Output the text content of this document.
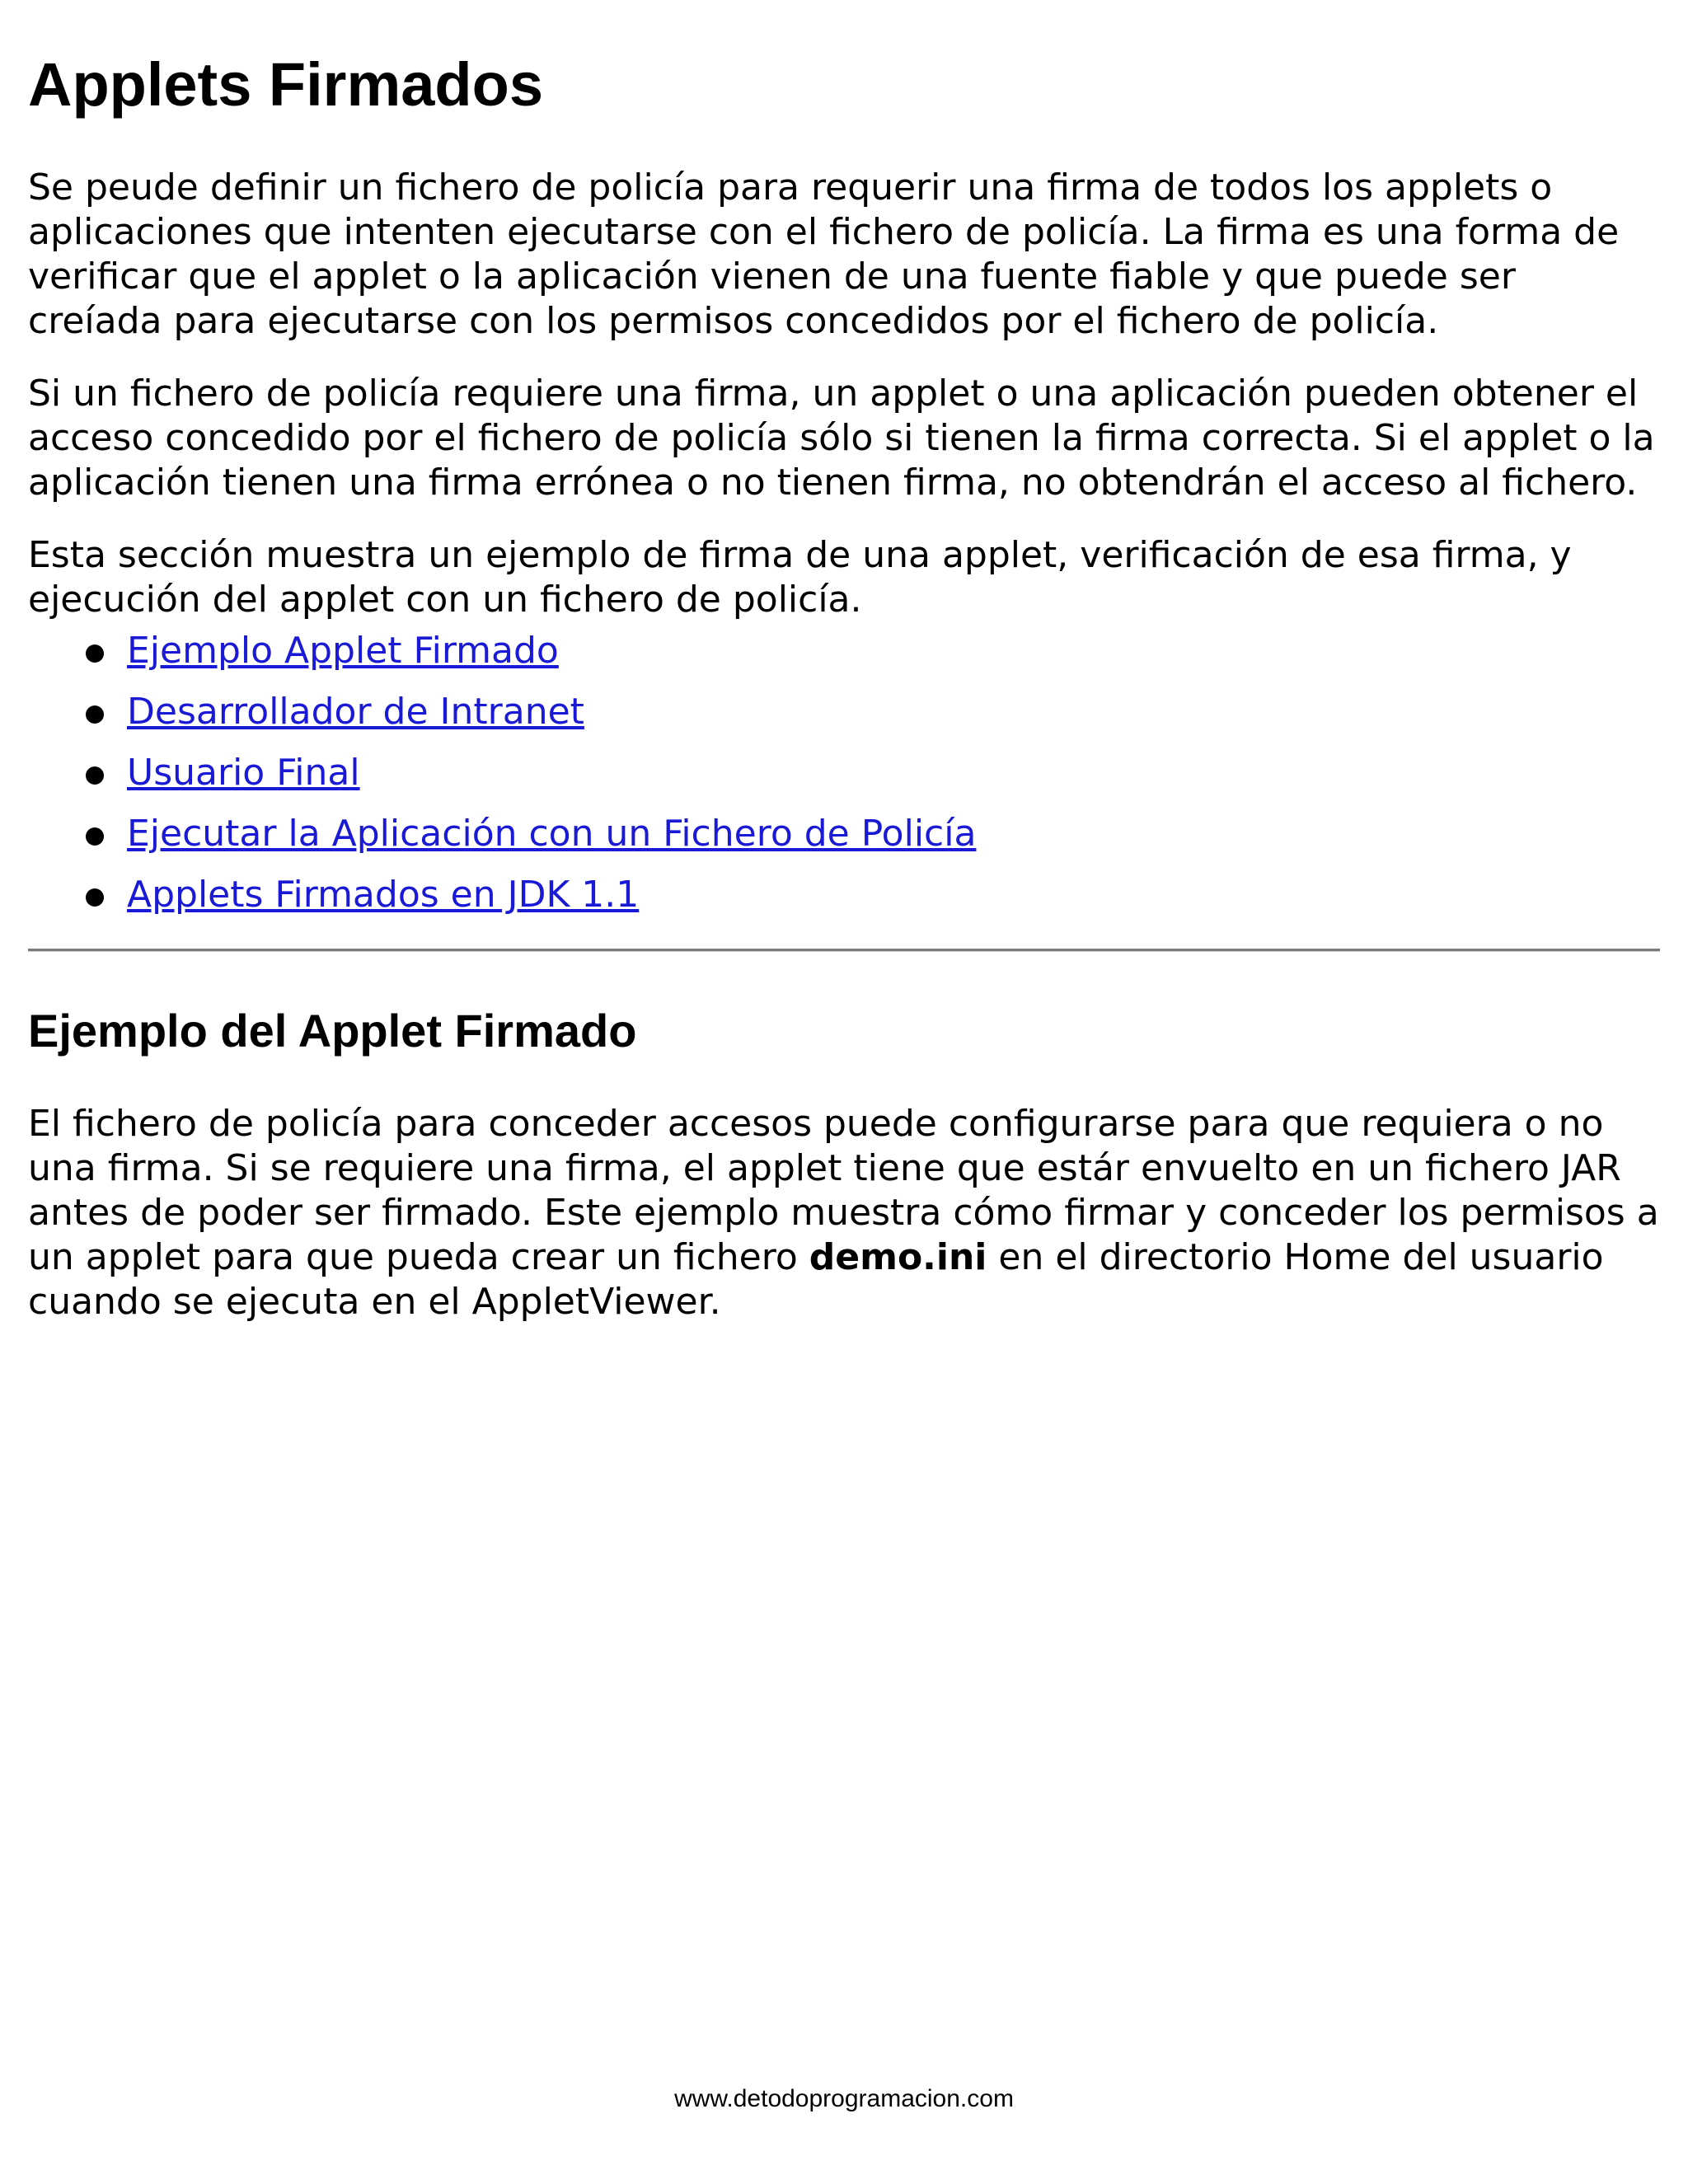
Applets Firmados

Se peude definir un fichero de policía para requerir una firma de todos los applets o aplicaciones que intenten ejecutarse con el fichero de policía. La firma es una forma de verificar que el applet o la aplicación vienen de una fuente fiable y que puede ser creíada para ejecutarse con los permisos concedidos por el fichero de policía.

Si un fichero de policía requiere una firma, un applet o una aplicación pueden obtener el acceso concedido por el fichero de policía sólo si tienen la firma correcta. Si el applet o la aplicación tienen una firma errónea o no tienen firma, no obtendrán el acceso al fichero.

Esta sección muestra un ejemplo de firma de una applet, verificación de esa firma, y ejecución del applet con un fichero de policía.

Ejemplo Applet Firmado
Desarrollador de Intranet
Usuario Final
Ejecutar la Aplicación con un Fichero de Policía
Applets Firmados en JDK 1.1
Ejemplo del Applet Firmado

El fichero de policía para conceder accesos puede configurarse para que requiera o no una firma. Si se requiere una firma, el applet tiene que estár envuelto en un fichero JAR antes de poder ser firmado. Este ejemplo muestra cómo firmar y conceder los permisos a un applet para que pueda crear un fichero demo.ini en el directorio Home del usuario cuando se ejecuta en el AppletViewer.

www.detodoprogramacion.com
